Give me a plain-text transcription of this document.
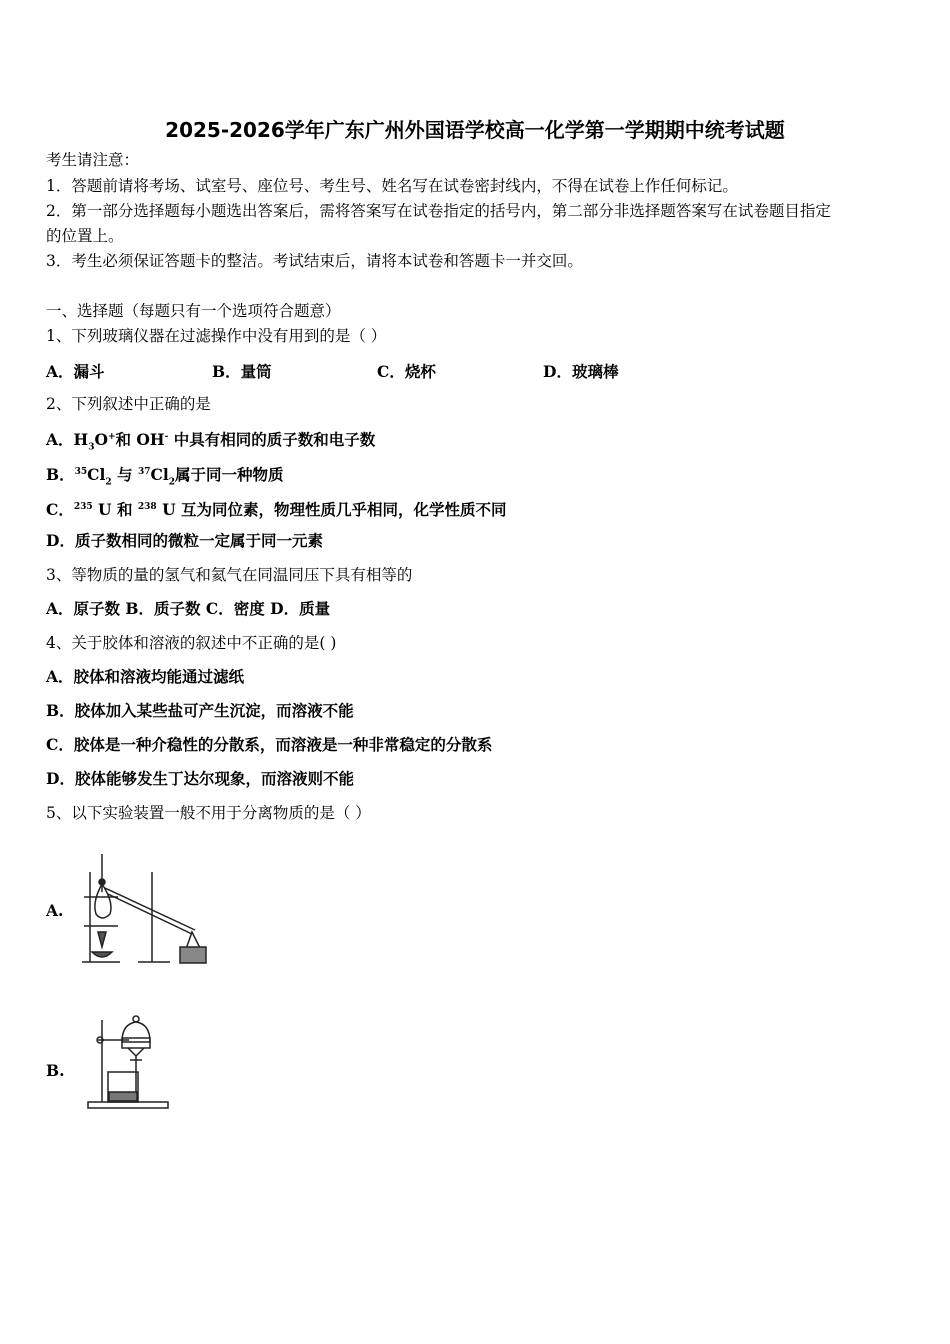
2025-2026学年广东广州外国语学校高一化学第一学期期中统考试题
考生请注意：
1．答题前请将考场、试室号、座位号、考生号、姓名写在试卷密封线内，不得在试卷上作任何标记。
2．第一部分选择题每小题选出答案后，需将答案写在试卷指定的括号内，第二部分非选择题答案写在试卷题目指定
的位置上。
3．考生必须保证答题卡的整洁。考试结束后，请将本试卷和答题卡一并交回。
一、选择题（每题只有一个选项符合题意）
1、下列玻璃仪器在过滤操作中没有用到的是（ ）
A．漏斗	B．量筒	C．烧杯	D．玻璃棒
2、下列叙述中正确的是
A．$H_3O^+$和 OH- 中具有相同的质子数和电子数
B．$^{35}Cl_2$ 与 $^{37}Cl_2$属于同一种物质
C．$^{235}$ U 和 $^{238}$ U 互为同位素，物理性质几乎相同，化学性质不同
D．质子数相同的微粒一定属于同一元素
3、等物质的量的氢气和氦气在同温同压下具有相等的
A．原子数 B．质子数 C．密度 D．质量
4、关于胶体和溶液的叙述中不正确的是( )
A．胶体和溶液均能通过滤纸
B．胶体加入某些盐可产生沉淀，而溶液不能
C．胶体是一种介稳性的分散系，而溶液是一种非常稳定的分散系
D．胶体能够发生丁达尔现象，而溶液则不能
5、以下实验装置一般不用于分离物质的是（ ）
A.
B.
